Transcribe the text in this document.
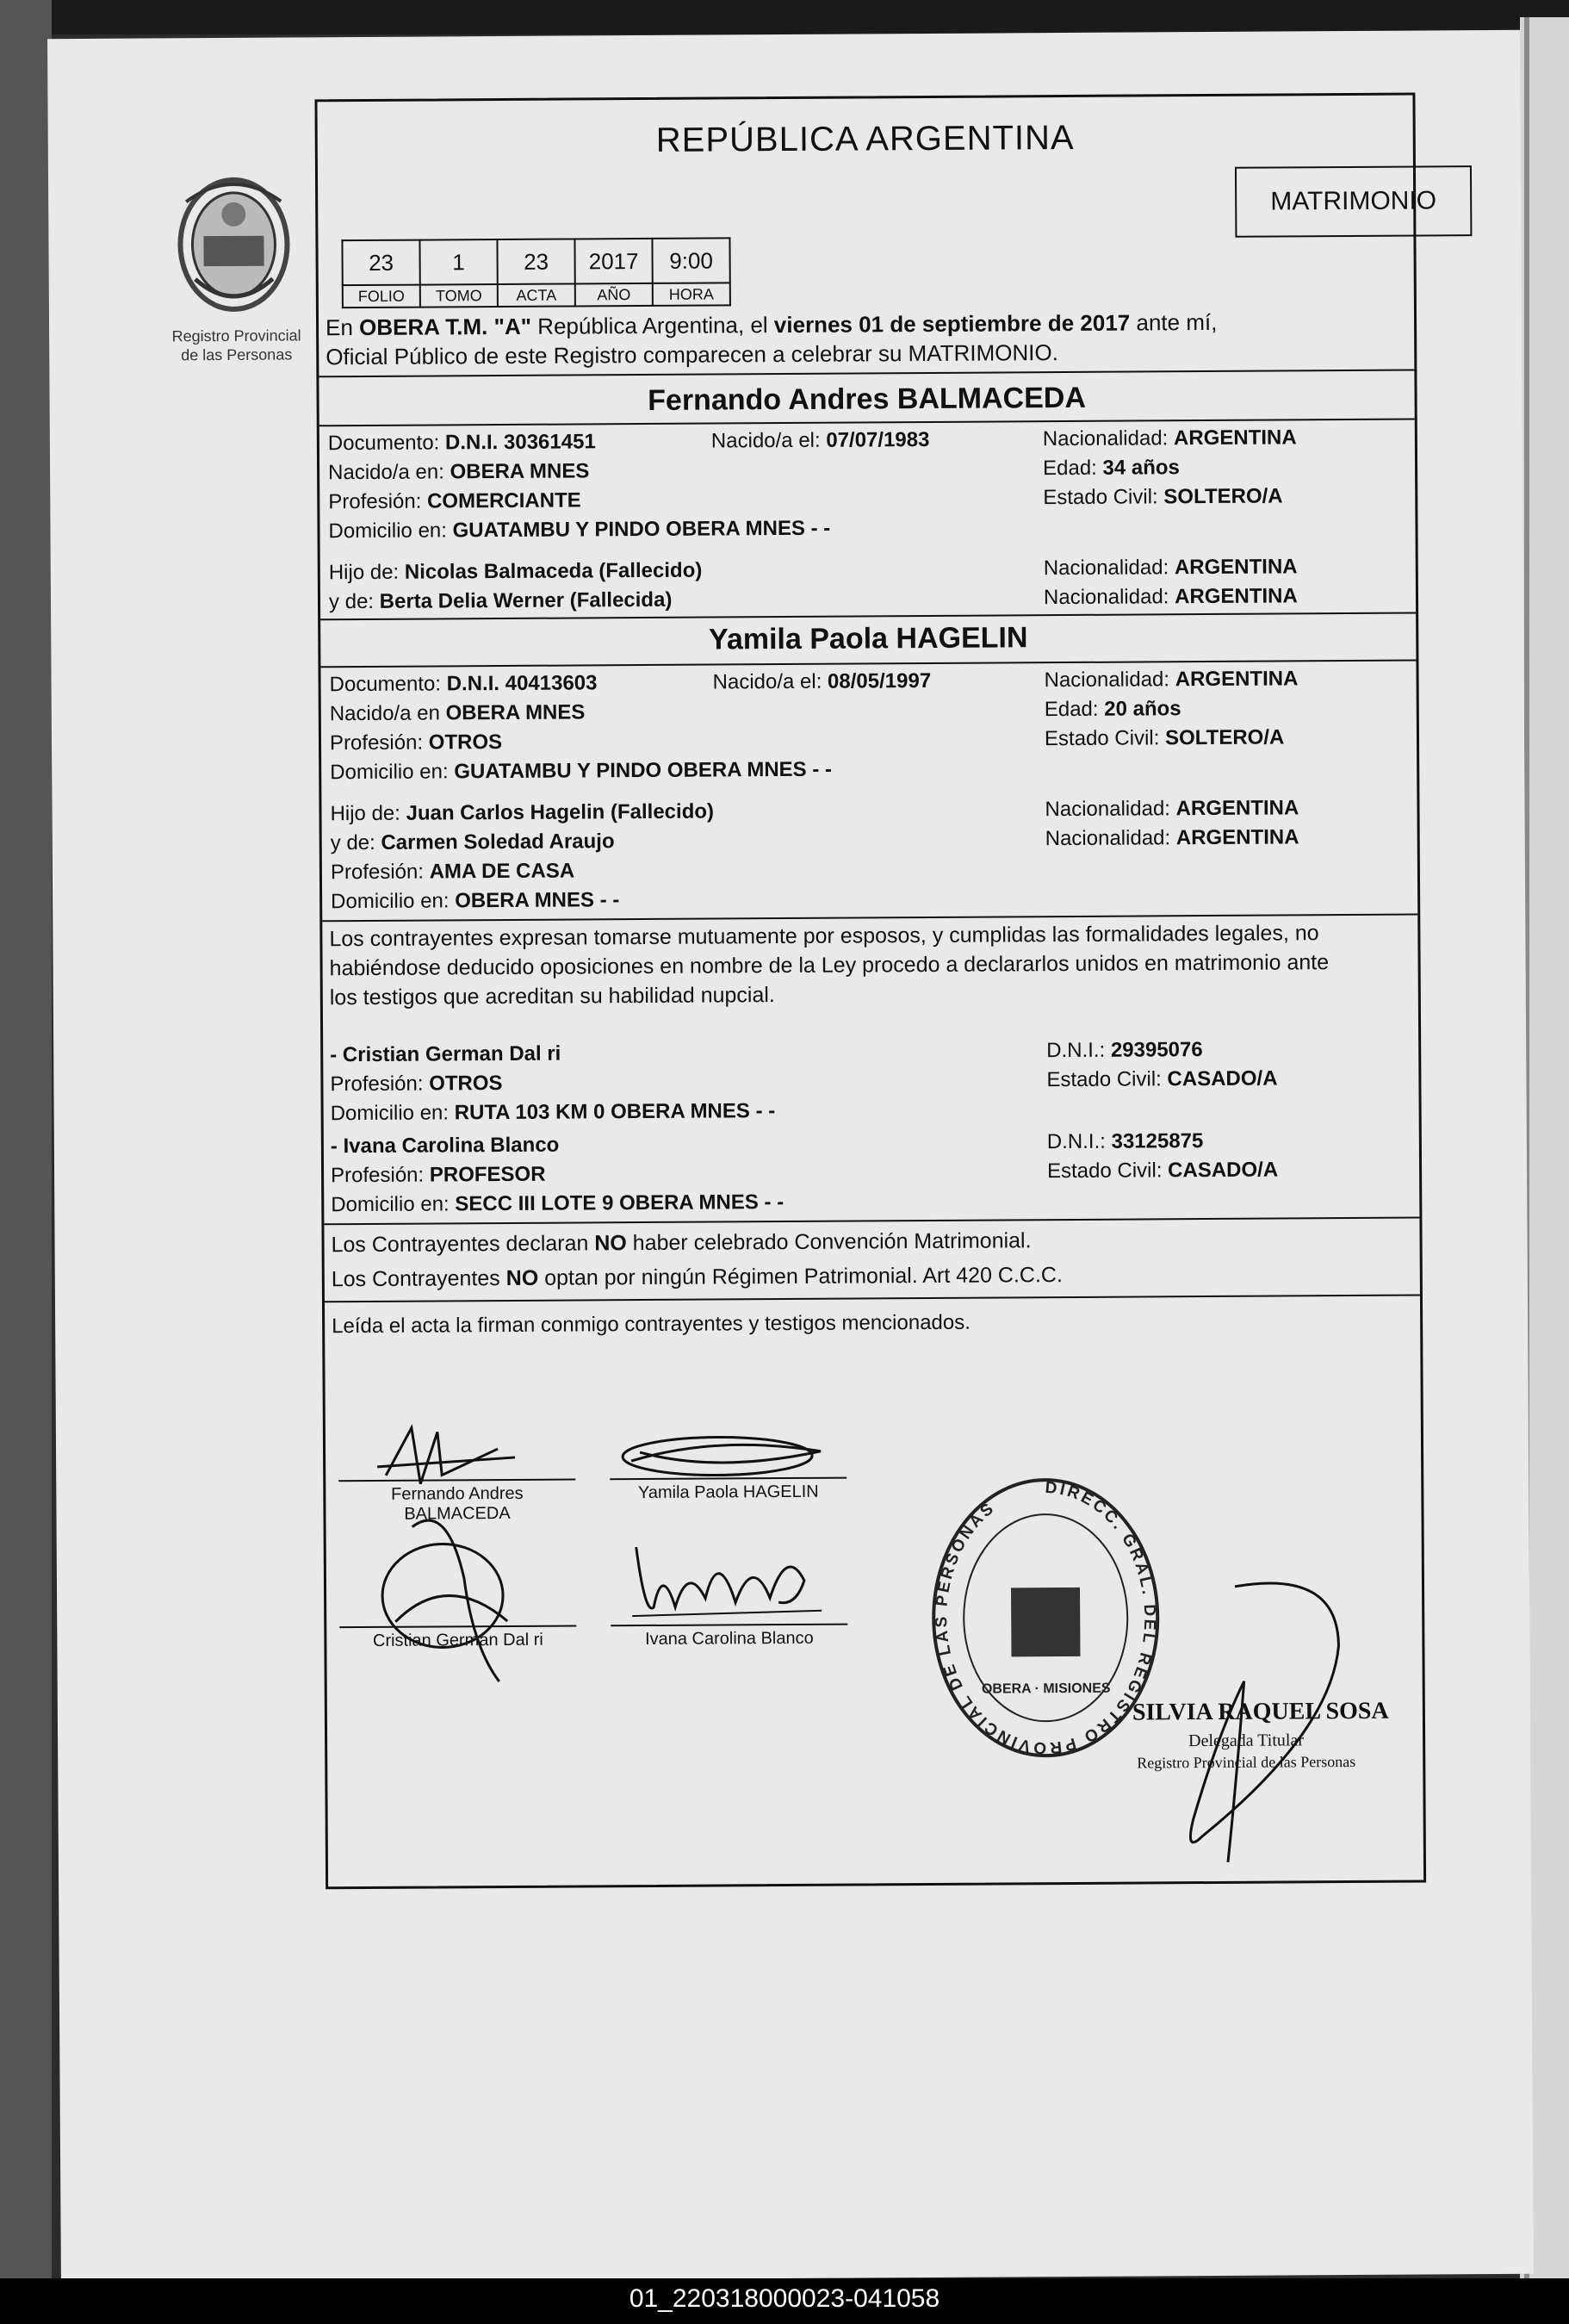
Registro Provincial
de las Personas
REPÚBLICA ARGENTINA
MATRIMONIO
23	1	23	2017	9:00
FOLIO	TOMO	ACTA	AÑO	HORA
En OBERA T.M. "A" República Argentina, el viernes 01 de septiembre de 2017 ante mí,
Oficial Público de este Registro comparecen a celebrar su MATRIMONIO.
Fernando Andres BALMACEDA
Documento: D.N.I. 30361451	Nacido/a el: 07/07/1983	Nacionalidad: ARGENTINA
Nacido/a en: OBERA MNES	Edad: 34 años
Profesión: COMERCIANTE	Estado Civil: SOLTERO/A
Domicilio en: GUATAMBU Y PINDO OBERA MNES - -
Hijo de: Nicolas Balmaceda (Fallecido)	Nacionalidad: ARGENTINA
y de: Berta Delia Werner (Fallecida)	Nacionalidad: ARGENTINA
Yamila Paola HAGELIN
Documento: D.N.I. 40413603	Nacido/a el: 08/05/1997	Nacionalidad: ARGENTINA
Nacido/a en OBERA MNES	Edad: 20 años
Profesión: OTROS	Estado Civil: SOLTERO/A
Domicilio en: GUATAMBU Y PINDO OBERA MNES - -
Hijo de: Juan Carlos Hagelin (Fallecido)	Nacionalidad: ARGENTINA
y de: Carmen Soledad Araujo	Nacionalidad: ARGENTINA
Profesión: AMA DE CASA
Domicilio en: OBERA MNES - -
Los contrayentes expresan tomarse mutuamente por esposos, y cumplidas las formalidades legales, no
habiéndose deducido oposiciones en nombre de la Ley procedo a declararlos unidos en matrimonio ante
los testigos que acreditan su habilidad nupcial.
- Cristian German Dal ri	D.N.I.: 29395076
Profesión: OTROS	Estado Civil: CASADO/A
Domicilio en: RUTA 103 KM 0 OBERA MNES - -
- Ivana Carolina Blanco	D.N.I.: 33125875
Profesión: PROFESOR	Estado Civil: CASADO/A
Domicilio en: SECC III LOTE 9 OBERA MNES - -
Los Contrayentes declaran NO haber celebrado Convención Matrimonial.
Los Contrayentes NO optan por ningún Régimen Patrimonial. Art 420 C.C.C.
Leída el acta la firman conmigo contrayentes y testigos mencionados.
Fernando Andres
BALMACEDA
Yamila Paola HAGELIN
Cristian German Dal ri	Ivana Carolina Blanco
DIRECC. GRAL. DEL REGISTRO PROVINCIAL DE LAS PERSONAS
OBERA · MISIONES
SILVIA RAQUEL SOSA
Delegada Titular
Registro Provincial de las Personas
01_220318000023-041058
